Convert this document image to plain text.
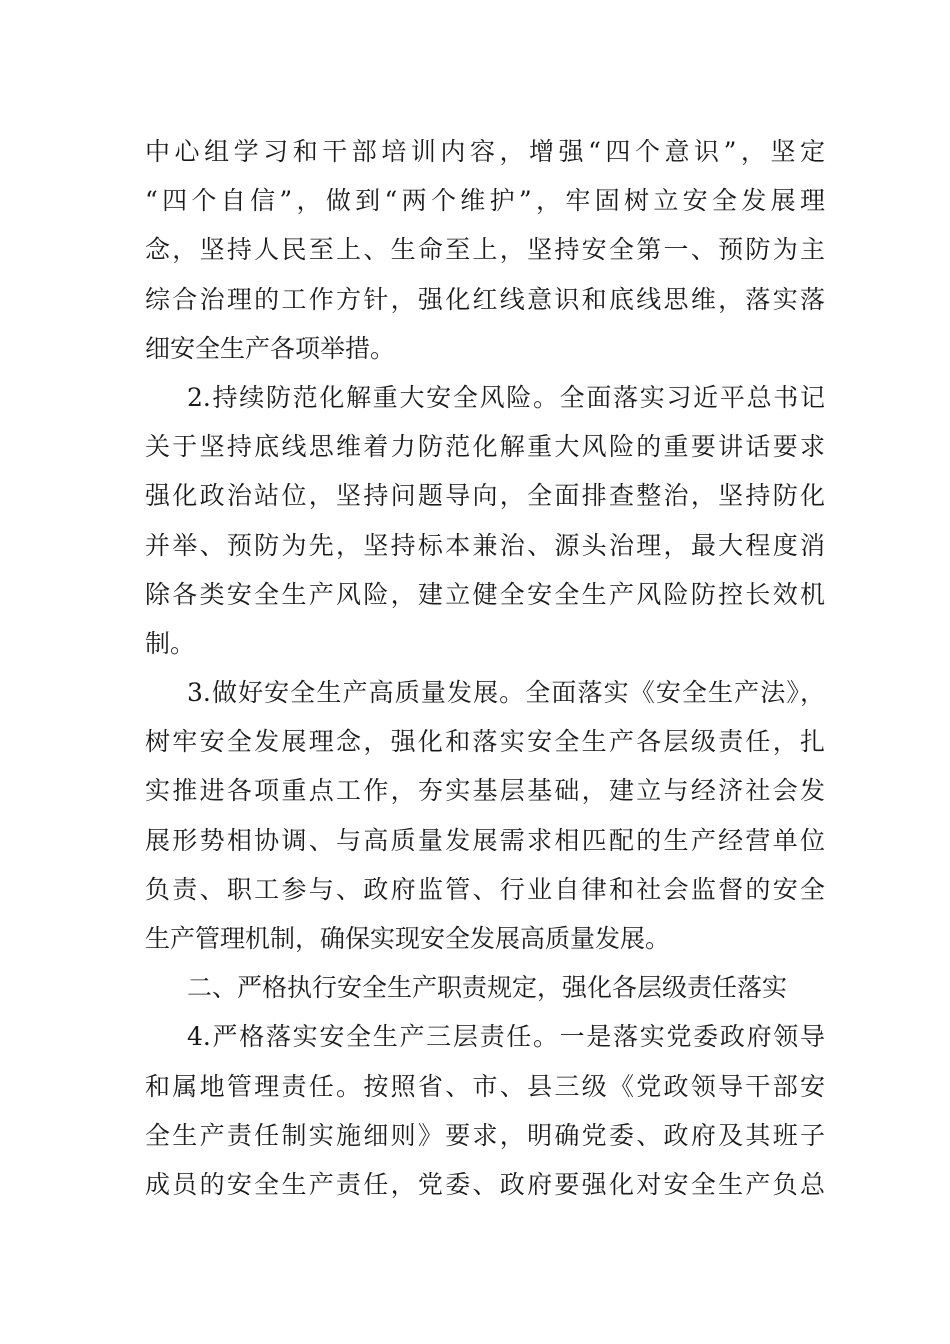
中心组学习和干部培训内容，增强“四个意识”，坚定
“四个自信”，做到“两个维护”，牢固树立安全发展理
念，坚持人民至上、生命至上，坚持安全第一、预防为主
综合治理的工作方针，强化红线意识和底线思维，落实落
细安全生产各项举措。
2.持续防范化解重大安全风险。全面落实习近平总书记
关于坚持底线思维着力防范化解重大风险的重要讲话要求
强化政治站位，坚持问题导向，全面排查整治，坚持防化
并举、预防为先，坚持标本兼治、源头治理，最大程度消
除各类安全生产风险，建立健全安全生产风险防控长效机
制。
3.做好安全生产高质量发展。全面落实《安全生产法》，
树牢安全发展理念，强化和落实安全生产各层级责任，扎
实推进各项重点工作，夯实基层基础，建立与经济社会发
展形势相协调、与高质量发展需求相匹配的生产经营单位
负责、职工参与、政府监管、行业自律和社会监督的安全
生产管理机制，确保实现安全发展高质量发展。
二、严格执行安全生产职责规定，强化各层级责任落实
4.严格落实安全生产三层责任。一是落实党委政府领导
和属地管理责任。按照省、市、县三级《党政领导干部安
全生产责任制实施细则》要求，明确党委、政府及其班子
成员的安全生产责任，党委、政府要强化对安全生产负总
